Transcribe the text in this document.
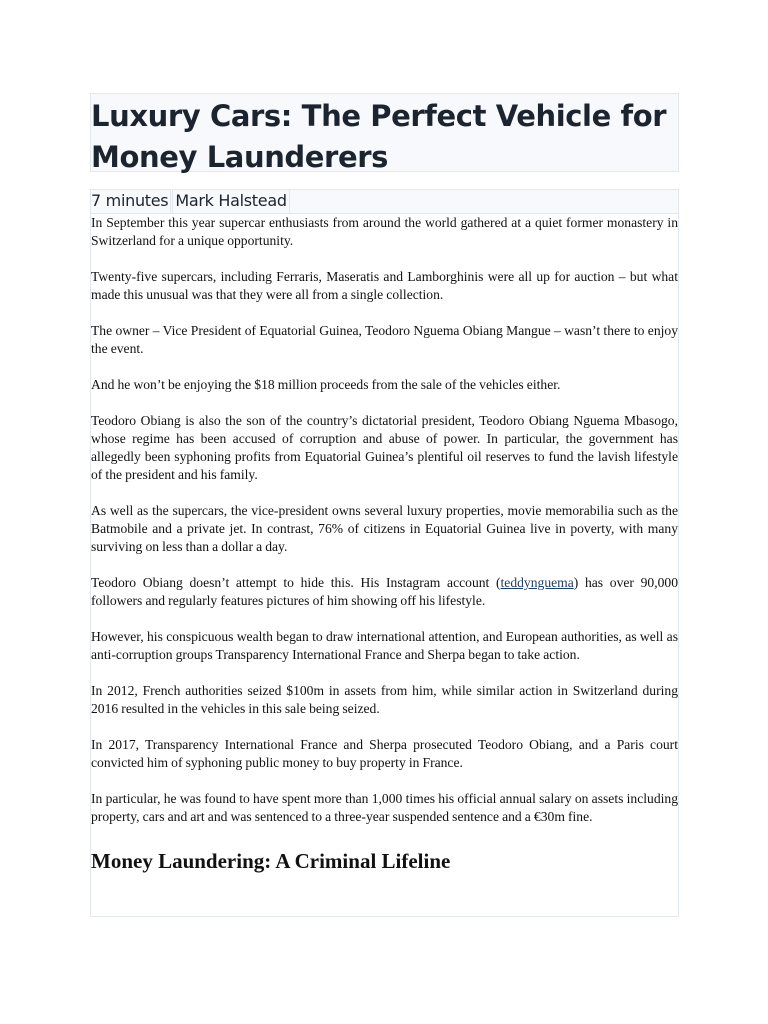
Luxury Cars: The Perfect Vehicle for Money Launderers
7 minutes Mark Halstead

In September this year supercar enthusiasts from around the world gathered at a quiet former monastery in Switzerland for a unique opportunity.

Twenty-five supercars, including Ferraris, Maseratis and Lamborghinis were all up for auction – but what made this unusual was that they were all from a single collection.

The owner – Vice President of Equatorial Guinea, Teodoro Nguema Obiang Mangue – wasn’t there to enjoy the event.

And he won’t be enjoying the $18 million proceeds from the sale of the vehicles either.

Teodoro Obiang is also the son of the country’s dictatorial president, Teodoro Obiang Nguema Mbasogo, whose regime has been accused of corruption and abuse of power. In particular, the government has allegedly been syphoning profits from Equatorial Guinea’s plentiful oil reserves to fund the lavish lifestyle of the president and his family.

As well as the supercars, the vice-president owns several luxury properties, movie memorabilia such as the Batmobile and a private jet. In contrast, 76% of citizens in Equatorial Guinea live in poverty, with many surviving on less than a dollar a day.

Teodoro Obiang doesn’t attempt to hide this. His Instagram account (teddynguema) has over 90,000 followers and regularly features pictures of him showing off his lifestyle.

However, his conspicuous wealth began to draw international attention, and European authorities, as well as anti-corruption groups Transparency International France and Sherpa began to take action.

In 2012, French authorities seized $100m in assets from him, while similar action in Switzerland during 2016 resulted in the vehicles in this sale being seized.

In 2017, Transparency International France and Sherpa prosecuted Teodoro Obiang, and a Paris court convicted him of syphoning public money to buy property in France.

In particular, he was found to have spent more than 1,000 times his official annual salary on assets including property, cars and art and was sentenced to a three-year suspended sentence and a €30m fine.

Money Laundering: A Criminal Lifeline
